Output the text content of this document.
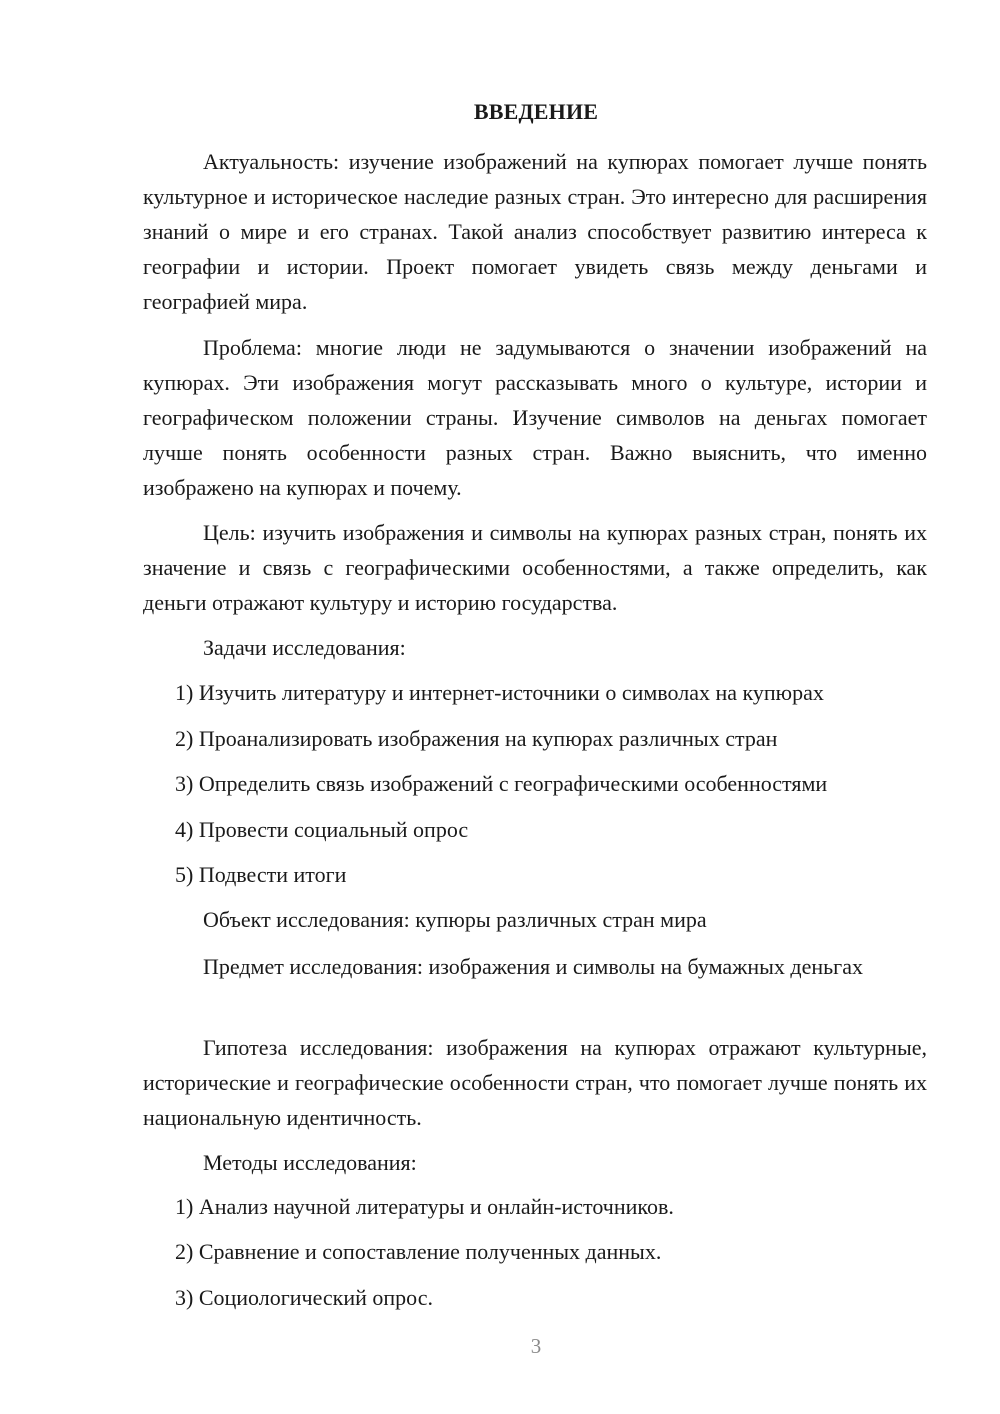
ВВЕДЕНИЕ

Актуальность: изучение изображений на купюрах помогает лучше понять культурное и историческое наследие разных стран. Это интересно для расширения знаний о мире и его странах. Такой анализ способствует развитию интереса к географии и истории. Проект помогает увидеть связь между деньгами и географией мира.

Проблема: многие люди не задумываются о значении изображений на купюрах. Эти изображения могут рассказывать много о культуре, истории и географическом положении страны. Изучение символов на деньгах помогает лучше понять особенности разных стран. Важно выяснить, что именно изображено на купюрах и почему.

Цель: изучить изображения и символы на купюрах разных стран, понять их значение и связь с географическими особенностями, а также определить, как деньги отражают культуру и историю государства.

Задачи исследования:
1) Изучить литературу и интернет-источники о символах на купюрах
2) Проанализировать изображения на купюрах различных стран
3) Определить связь изображений с географическими особенностями
4) Провести социальный опрос
5) Подвести итоги
Объект исследования: купюры различных стран мира

Предмет исследования: изображения и символы на бумажных деньгах

Гипотеза исследования: изображения на купюрах отражают культурные, исторические и географические особенности стран, что помогает лучше понять их национальную идентичность.

Методы исследования:
1) Анализ научной литературы и онлайн-источников.
2) Сравнение и сопоставление полученных данных.
3) Социологический опрос.
3
